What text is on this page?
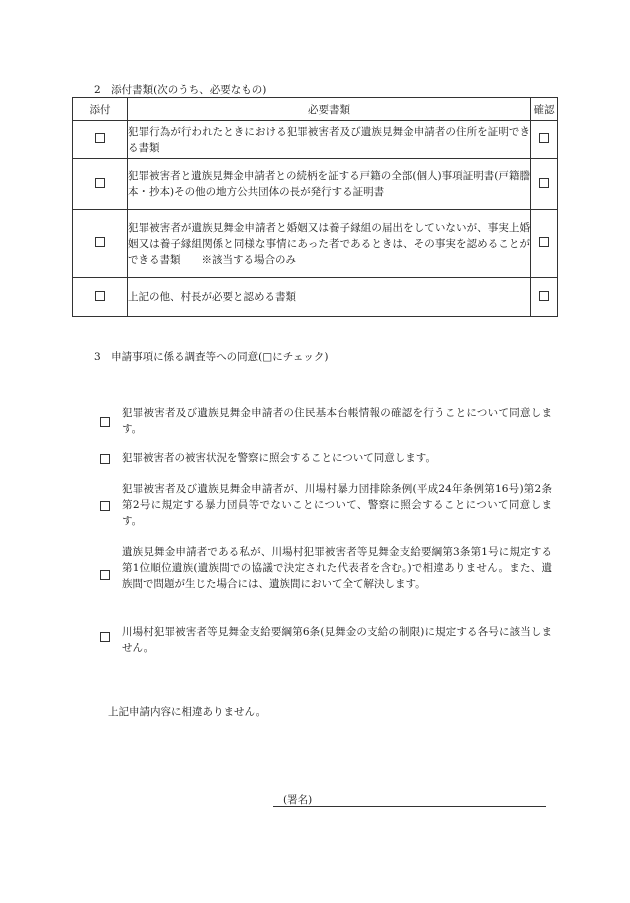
2　添付書類(次のうち、必要なもの)
添付	必要書類	確認
	犯罪行為が行われたときにおける犯罪被害者及び遺族見舞金申請者の住所を証明できる書類	
	犯罪被害者と遺族見舞金申請者との続柄を証する戸籍の全部(個人)事項証明書(戸籍謄本・抄本)その他の地方公共団体の長が発行する証明書	
	犯罪被害者が遺族見舞金申請者と婚姻又は養子縁組の届出をしていないが、事実上婚姻又は養子縁組関係と同様な事情にあった者であるときは、その事実を認めることができる書類　　※該当する場合のみ	
	上記の他、村長が必要と認める書類	
3　申請事項に係る調査等への同意(□にチェック)
犯罪被害者及び遺族見舞金申請者の住民基本台帳情報の確認を行うことについて同意します。
犯罪被害者の被害状況を警察に照会することについて同意します。
犯罪被害者及び遺族見舞金申請者が、川場村暴力団排除条例(平成24年条例第16号)第2条第2号に規定する暴力団員等でないことについて、警察に照会することについて同意します。
遺族見舞金申請者である私が、川場村犯罪被害者等見舞金支給要綱第3条第1号に規定する第1位順位遺族(遺族間での協議で決定された代表者を含む。)で相違ありません。また、遺族間で問題が生じた場合には、遺族間において全て解決します。
川場村犯罪被害者等見舞金支給要綱第6条(見舞金の支給の制限)に規定する各号に該当しません。
上記申請内容に相違ありません。
(署名)
